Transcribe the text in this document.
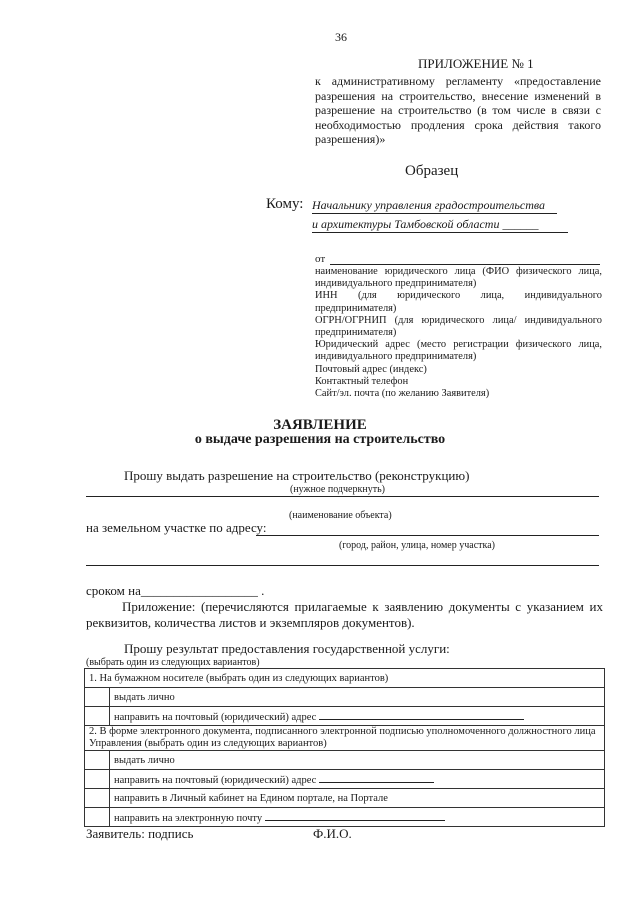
36
ПРИЛОЖЕНИЕ № 1
к административному регламенту «предоставление разрешения на строительство, внесение изменений в разрешение на строительство (в том числе в связи с необходимостью продления срока действия такого разрешения)»
Образец
Кому: Начальнику управления градостроительства
и архитектуры Тамбовской области ______
от
наименование юридического лица (ФИО физического лица, индивидуального предпринимателя)
ИНН (для юридического лица, индивидуального предпринимателя)
ОГРН/ОГРНИП (для юридического лица/ индивидуального предпринимателя)
Юридический адрес (место регистрации физического лица, индивидуального предпринимателя)
Почтовый адрес (индекс)
Контактный телефон
Сайт/эл. почта (по желанию Заявителя)
ЗАЯВЛЕНИЕ
о выдаче разрешения на строительство
Прошу выдать разрешение на строительство (реконструкцию)
(нужное подчеркнуть)
(наименование объекта)
на земельном участке по адресу:
(город, район, улица, номер участка)
сроком на__________________ .
Приложение: (перечисляются прилагаемые к заявлению документы с указанием их реквизитов, количества листов и экземпляров документов).
Прошу результат предоставления государственной услуги:
(выбрать один из следующих вариантов)
1. На бумажном носителе (выбрать один из следующих вариантов)	
	выдать лично
	направить на почтовый (юридический) адрес
2. В форме электронного документа, подписанного электронной подписью уполномоченного должностного лица Управления (выбрать один из следующих вариантов)	
	выдать лично
	направить на почтовый (юридический) адрес
	направить в Личный кабинет на Едином портале, на Портале
	направить на электронную почту
Заявитель: подпись	Ф.И.О.
